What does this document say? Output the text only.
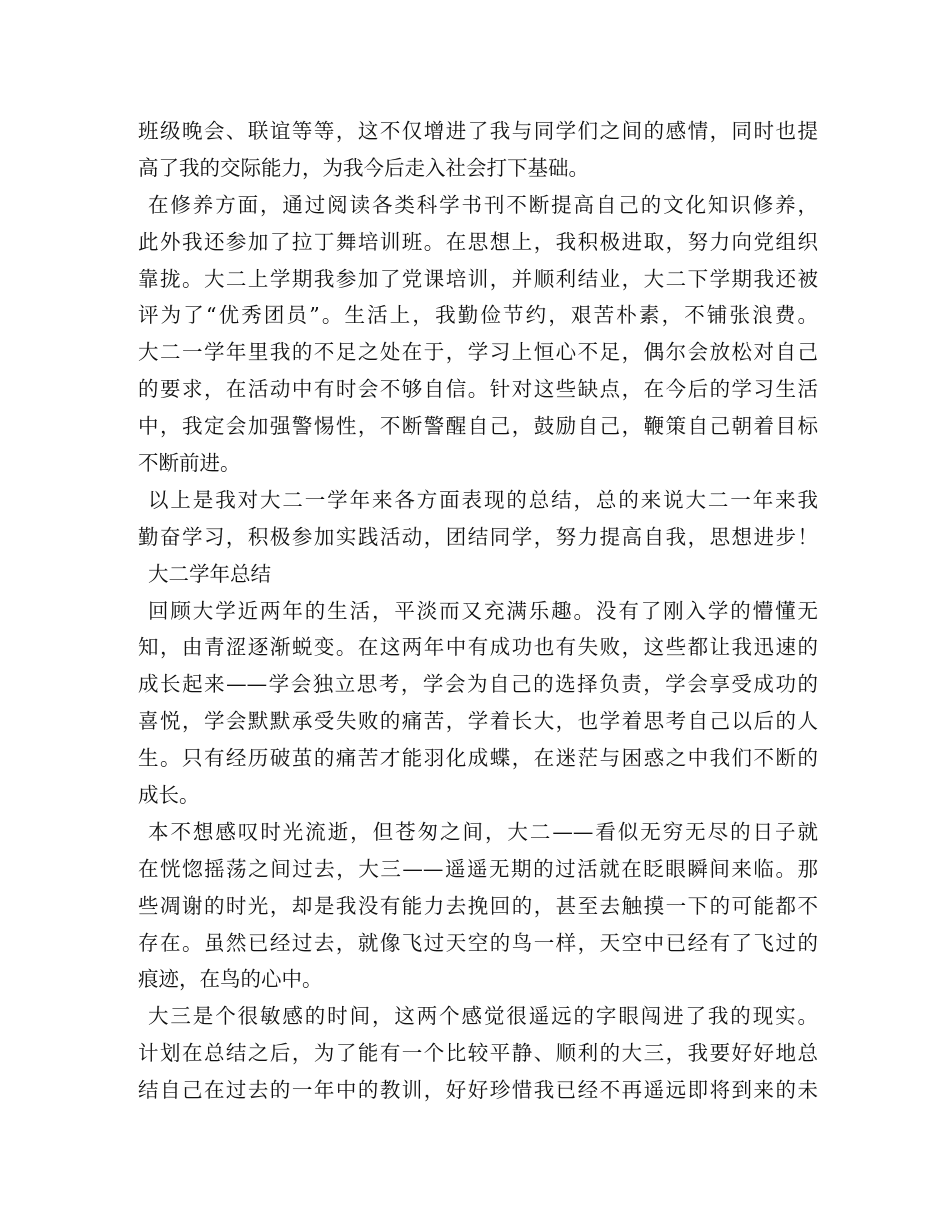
班级晚会、联谊等等，这不仅增进了我与同学们之间的感情，同时也提
高了我的交际能力，为我今后走入社会打下基础。
在修养方面，通过阅读各类科学书刊不断提高自己的文化知识修养，
此外我还参加了拉丁舞培训班。在思想上，我积极进取，努力向党组织
靠拢。大二上学期我参加了党课培训，并顺利结业，大二下学期我还被
评为了“优秀团员”。生活上，我勤俭节约，艰苦朴素，不铺张浪费。
大二一学年里我的不足之处在于，学习上恒心不足，偶尔会放松对自己
的要求，在活动中有时会不够自信。针对这些缺点，在今后的学习生活
中，我定会加强警惕性，不断警醒自己，鼓励自己，鞭策自己朝着目标
不断前进。
以上是我对大二一学年来各方面表现的总结，总的来说大二一年来我
勤奋学习，积极参加实践活动，团结同学，努力提高自我，思想进步！
大二学年总结
回顾大学近两年的生活，平淡而又充满乐趣。没有了刚入学的懵懂无
知，由青涩逐渐蜕变。在这两年中有成功也有失败，这些都让我迅速的
成长起来——学会独立思考，学会为自己的选择负责，学会享受成功的
喜悦，学会默默承受失败的痛苦，学着长大，也学着思考自己以后的人
生。只有经历破茧的痛苦才能羽化成蝶，在迷茫与困惑之中我们不断的
成长。
本不想感叹时光流逝，但苍匆之间，大二——看似无穷无尽的日子就
在恍惚摇荡之间过去，大三——遥遥无期的过活就在眨眼瞬间来临。那
些凋谢的时光，却是我没有能力去挽回的，甚至去触摸一下的可能都不
存在。虽然已经过去，就像飞过天空的鸟一样，天空中已经有了飞过的
痕迹，在鸟的心中。
大三是个很敏感的时间，这两个感觉很遥远的字眼闯进了我的现实。
计划在总结之后，为了能有一个比较平静、顺利的大三，我要好好地总
结自己在过去的一年中的教训，好好珍惜我已经不再遥远即将到来的未
